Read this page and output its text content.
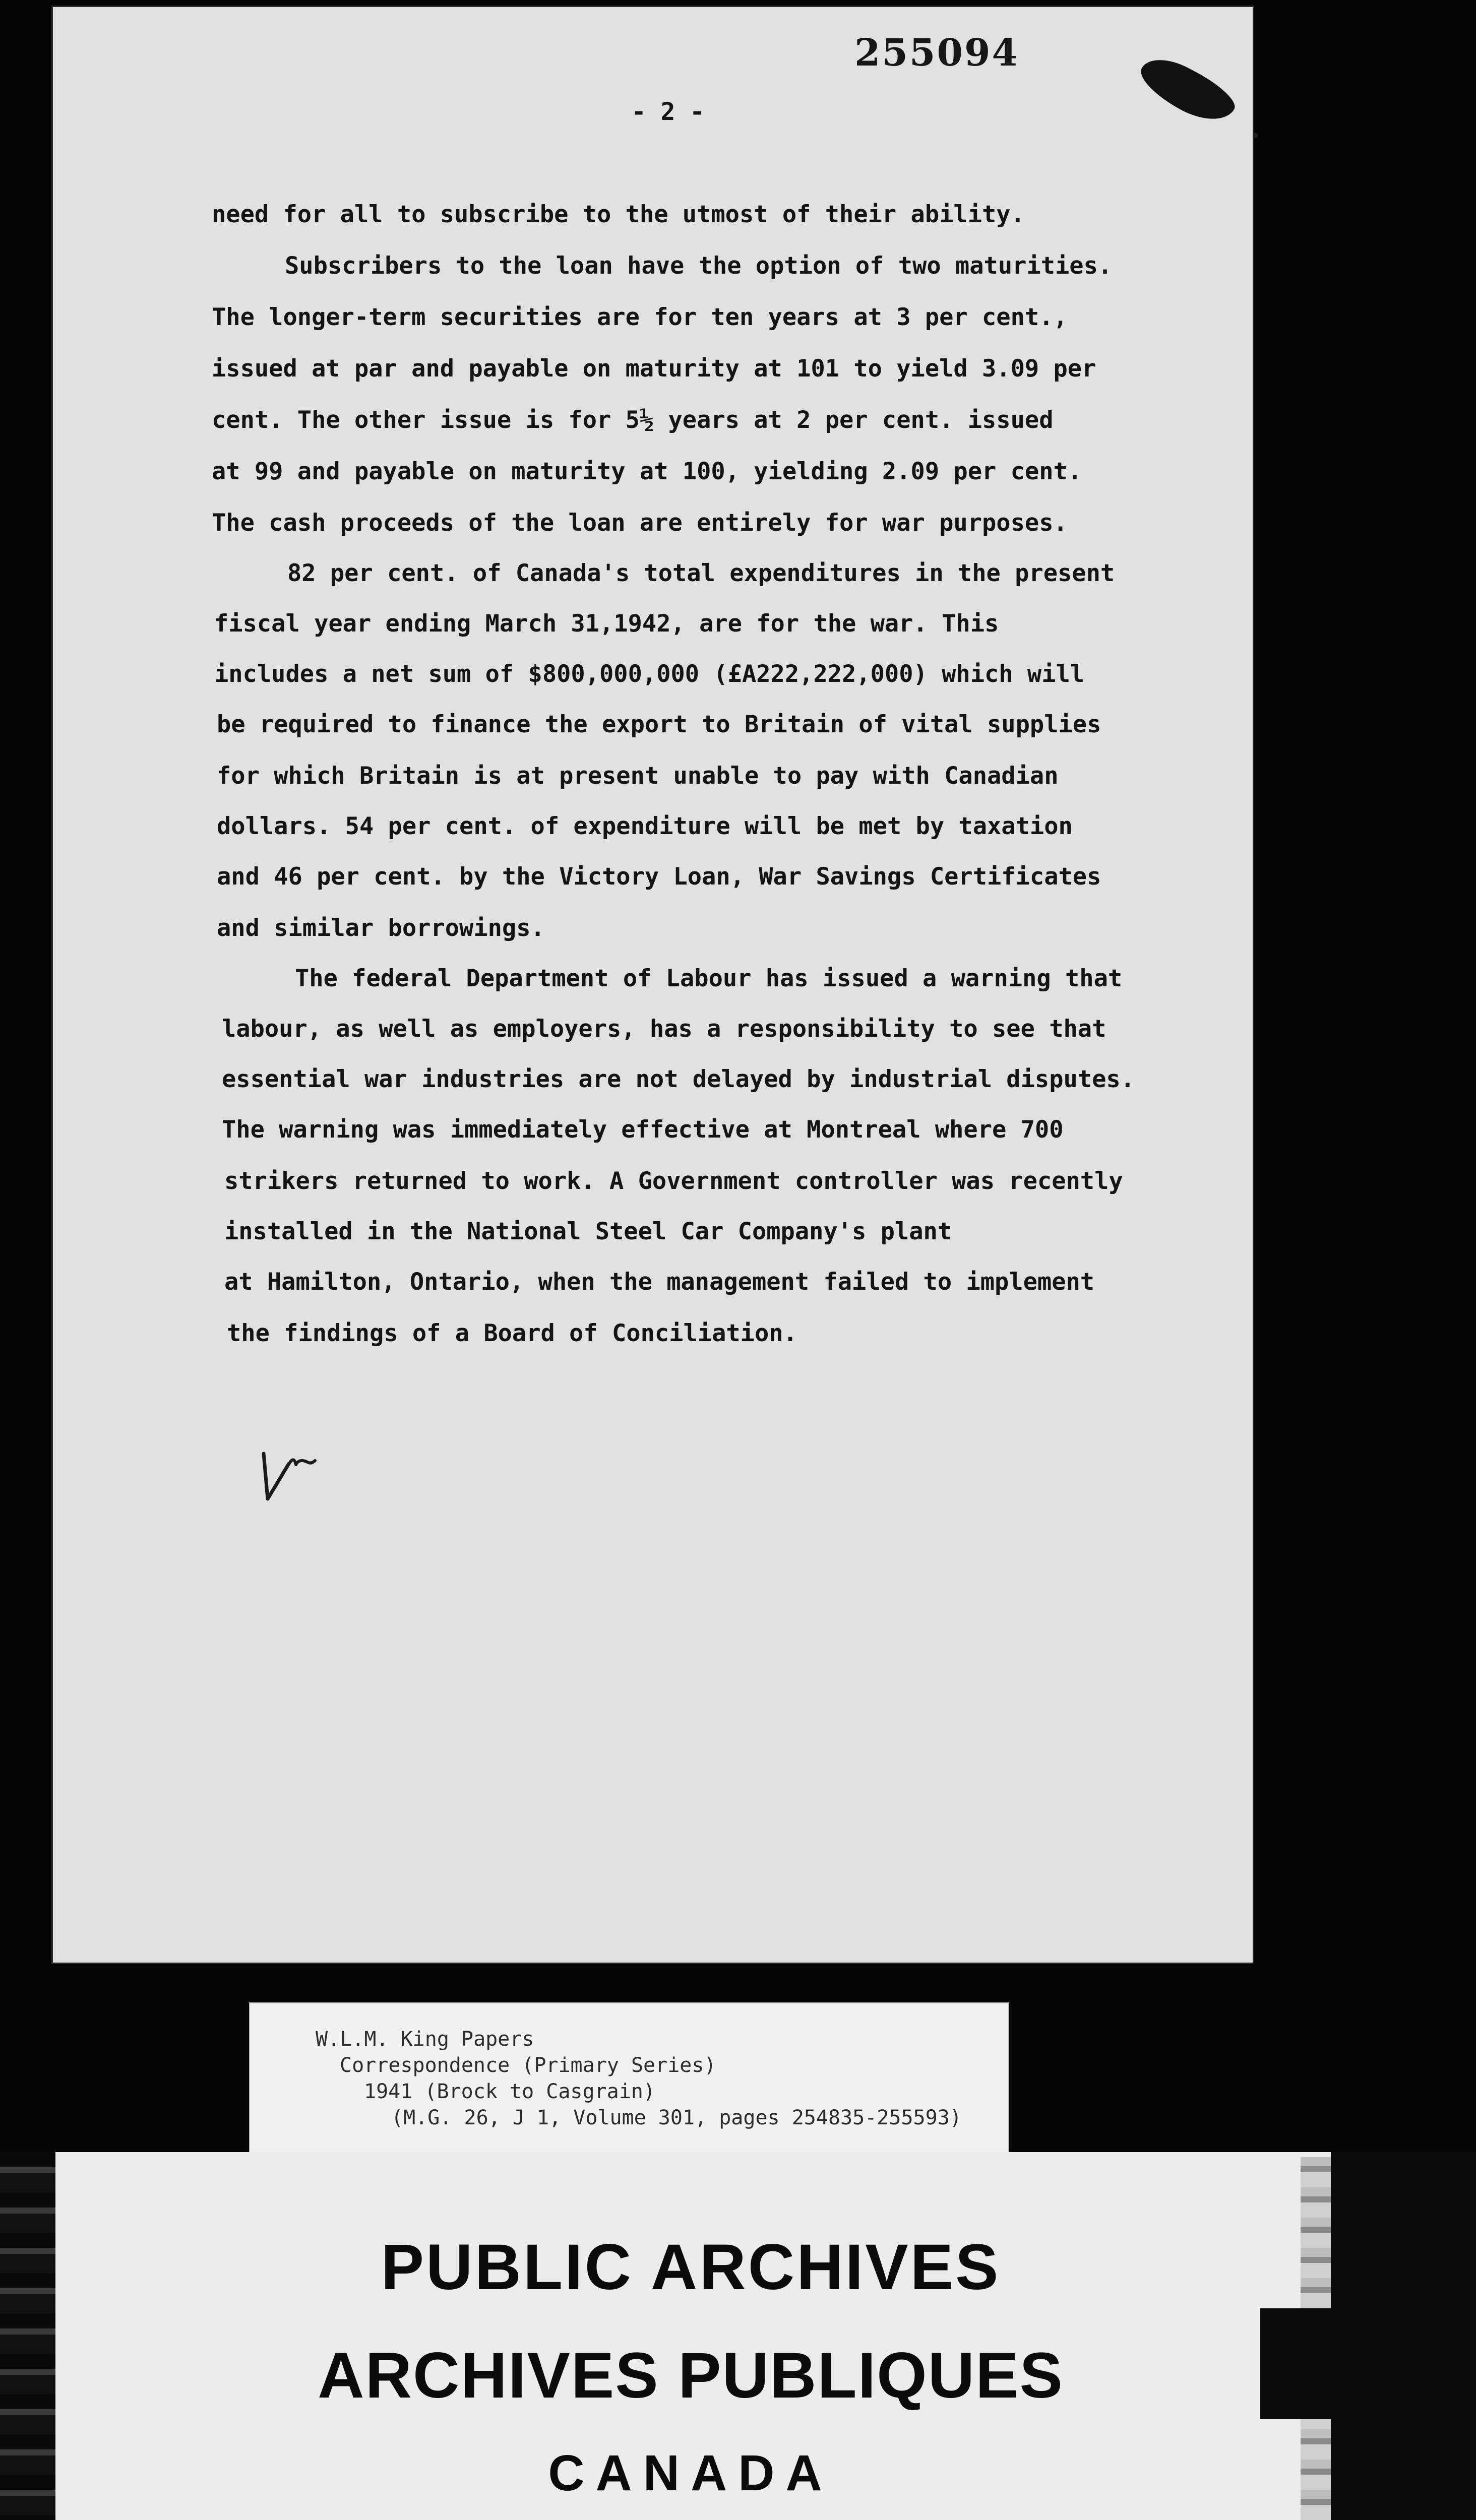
255094
- 2 -
need for all to subscribe to the utmost of their ability.
Subscribers to the loan have the option of two maturities.
The longer-term securities are for ten years at 3 per cent.,
issued at par and payable on maturity at 101 to yield 3.09 per
cent. The other issue is for 5½ years at 2 per cent. issued
at 99 and payable on maturity at 100, yielding 2.09 per cent.
The cash proceeds of the loan are entirely for war purposes.
82 per cent. of Canada's total expenditures in the present
fiscal year ending March 31,1942, are for the war. This
includes a net sum of $800,000,000 (£A222,222,000) which will
be required to finance the export to Britain of vital supplies
for which Britain is at present unable to pay with Canadian
dollars. 54 per cent. of expenditure will be met by taxation
and 46 per cent. by the Victory Loan, War Savings Certificates
and similar borrowings.
The federal Department of Labour has issued a warning that
labour, as well as employers, has a responsibility to see that
essential war industries are not delayed by industrial disputes.
The warning was immediately effective at Montreal where 700
strikers returned to work. A Government controller was recently
installed in the National Steel Car Company's plant
at Hamilton, Ontario, when the management failed to implement
the findings of a Board of Conciliation.
W.L.M. King Papers
Correspondence (Primary Series)
1941 (Brock to Casgrain)
(M.G. 26, J 1, Volume 301, pages 254835-255593)
PUBLIC ARCHIVES
ARCHIVES PUBLIQUES
CANADA
